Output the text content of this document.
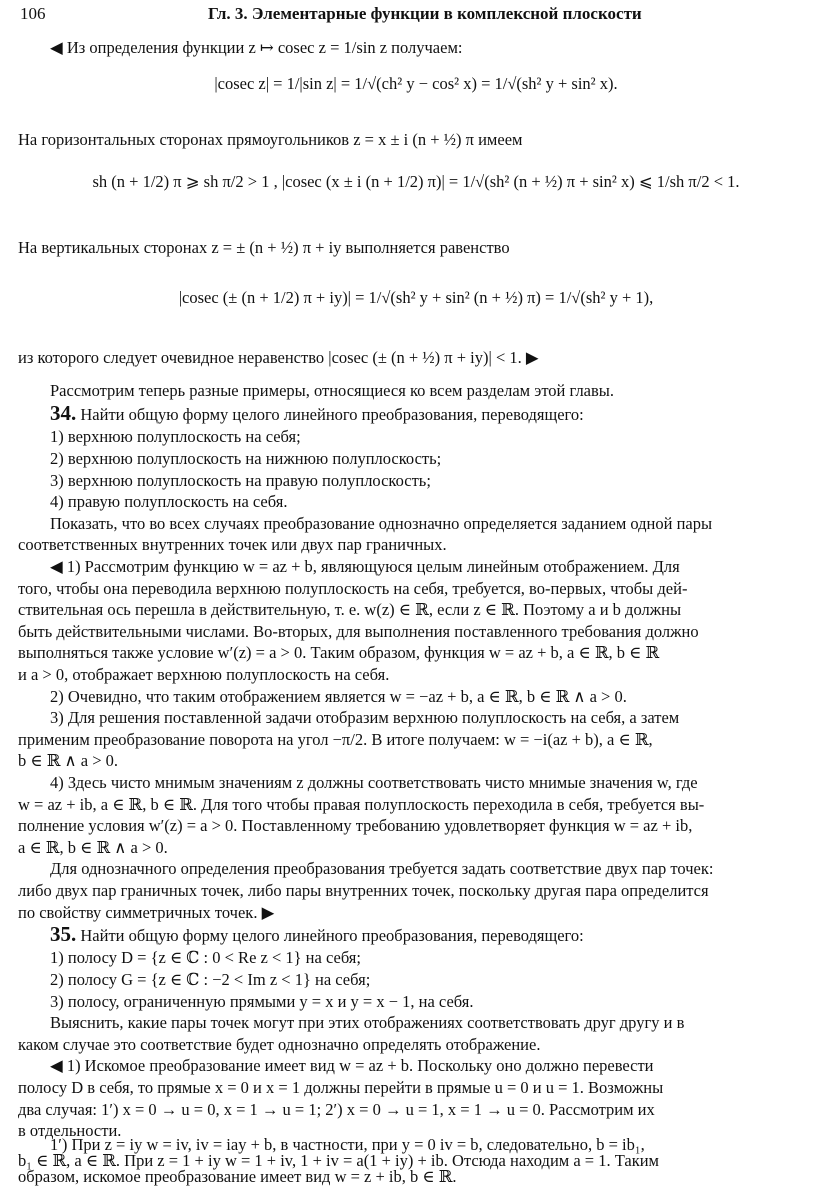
106	Гл. 3. Элементарные функции в комплексной плоскости
◀ Из определения функции z ↦ cosec z = 1/sin z получаем:
|cosec z| = 1/|sin z| = 1/√(ch² y − cos² x) = 1/√(sh² y + sin² x).
На горизонтальных сторонах прямоугольников z = x ± i (n + ½) π имеем
sh (n + 1/2) π ⩾ sh π/2 > 1 , |cosec (x ± i (n + 1/2) π)| = 1/√(sh² (n + ½) π + sin² x) ⩽ 1/sh π/2 < 1.
На вертикальных сторонах z = ± (n + ½) π + iy выполняется равенство
|cosec (± (n + 1/2) π + iy)| = 1/√(sh² y + sin² (n + ½) π) = 1/√(sh² y + 1),
из которого следует очевидное неравенство |cosec (± (n + ½) π + iy)| < 1. ▶
Рассмотрим теперь разные примеры, относящиеся ко всем разделам этой главы.
34. Найти общую форму целого линейного преобразования, переводящего:
1) верхнюю полуплоскость на себя;
2) верхнюю полуплоскость на нижнюю полуплоскость;
3) верхнюю полуплоскость на правую полуплоскость;
4) правую полуплоскость на себя.
Показать, что во всех случаях преобразование однозначно определяется заданием одной пары
соответственных внутренних точек или двух пар граничных.
◀ 1) Рассмотрим функцию w = az + b, являющуюся целым линейным отображением. Для
того, чтобы она переводила верхнюю полуплоскость на себя, требуется, во-первых, чтобы дей-
ствительная ось перешла в действительную, т. е. w(z) ∈ ℝ, если z ∈ ℝ. Поэтому a и b должны
быть действительными числами. Во-вторых, для выполнения поставленного требования должно
выполняться также условие w′(z) = a > 0. Таким образом, функция w = az + b, a ∈ ℝ, b ∈ ℝ
и a > 0, отображает верхнюю полуплоскость на себя.
2) Очевидно, что таким отображением является w = −az + b, a ∈ ℝ, b ∈ ℝ ∧ a > 0.
3) Для решения поставленной задачи отобразим верхнюю полуплоскость на себя, а затем
применим преобразование поворота на угол −π/2. В итоге получаем: w = −i(az + b), a ∈ ℝ,
b ∈ ℝ ∧ a > 0.
4) Здесь чисто мнимым значениям z должны соответствовать чисто мнимые значения w, где
w = az + ib, a ∈ ℝ, b ∈ ℝ. Для того чтобы правая полуплоскость переходила в себя, требуется вы-
полнение условия w′(z) = a > 0. Поставленному требованию удовлетворяет функция w = az + ib,
a ∈ ℝ, b ∈ ℝ ∧ a > 0.
Для однозначного определения преобразования требуется задать соответствие двух пар точек:
либо двух пар граничных точек, либо пары внутренних точек, поскольку другая пара определится
по свойству симметричных точек. ▶
35. Найти общую форму целого линейного преобразования, переводящего:
1) полосу D = {z ∈ ℂ : 0 < Re z < 1} на себя;
2) полосу G = {z ∈ ℂ : −2 < Im z < 1} на себя;
3) полосу, ограниченную прямыми y = x и y = x − 1, на себя.
Выяснить, какие пары точек могут при этих отображениях соответствовать друг другу и в
каком случае это соответствие будет однозначно определять отображение.
◀ 1) Искомое преобразование имеет вид w = az + b. Поскольку оно должно перевести
полосу D в себя, то прямые x = 0 и x = 1 должны перейти в прямые u = 0 и u = 1. Возможны
два случая: 1′) x = 0 → u = 0, x = 1 → u = 1; 2′) x = 0 → u = 1, x = 1 → u = 0. Рассмотрим их
в отдельности.
1′) При z = iy w = iv, iv = iay + b, в частности, при y = 0 iv = b, следовательно, b = ib₁,
b₁ ∈ ℝ, a ∈ ℝ. При z = 1 + iy w = 1 + iv, 1 + iv = a(1 + iy) + ib. Отсюда находим a = 1. Таким
образом, искомое преобразование имеет вид w = z + ib, b ∈ ℝ.
